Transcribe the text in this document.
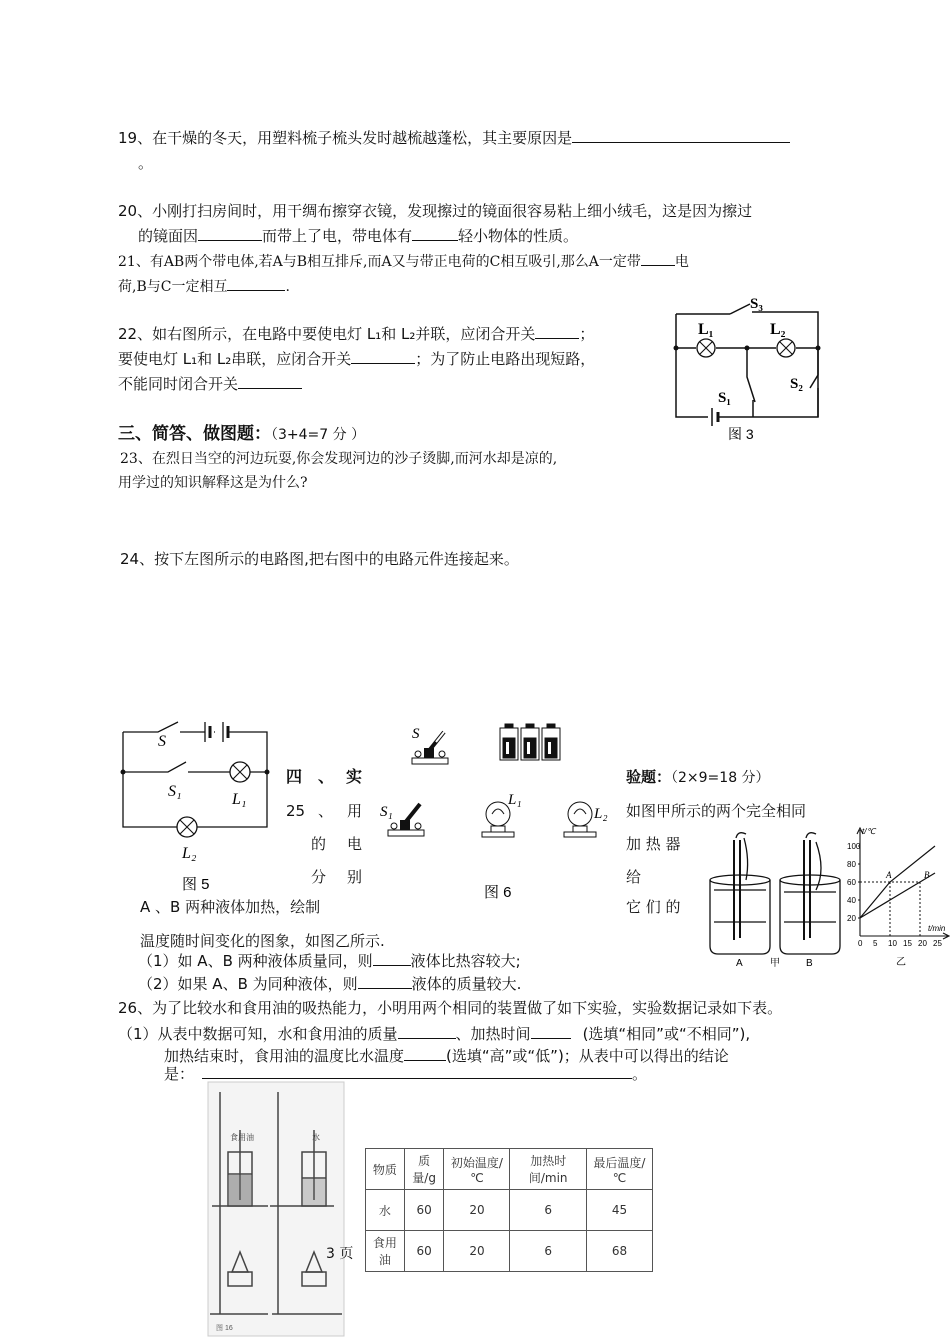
19、在干燥的冬天，用塑料梳子梳头发时越梳越蓬松，其主要原因是
。
20、小刚打扫房间时，用干绸布擦穿衣镜，发现擦过的镜面很容易粘上细小绒毛，这是因为擦过
的镜面因	而带上了电，带电体有	轻小物体的性质。
21、有AB两个带电体,若A与B相互排斥,而A又与带正电荷的C相互吸引,那么A一定带 电
荷,B与C一定相互	.
22、如右图所示，在电路中要使电灯 L₁和 L₂并联，应闭合开关	；
要使电灯 L₁和 L₂串联，应闭合开关	；为了防止电路出现短路，
不能同时闭合开关
S₃
L₁	L₂
S₁
S₂
图 3
三、简答、做图题：（3+4=7 分 ）
23、在烈日当空的河边玩耍,你会发现河边的沙子烫脚,而河水却是凉的,
用学过的知识解释这是为什么?
24、按下左图所示的电路图,把右图中的电路元件连接起来。
S
S₁	L₁
L₂
图 5
S
S₁
L₁
L₂
图 6
四 、 实	验题：（2×9=18 分）
25 、 用	如图甲所示的两个完全相同
的 电	加 热 器
分 别	给
A 、B 两种液体加热，绘制	它 们 的
温度随时间变化的图象，如图乙所示.
（1）如 A、B 两种液体质量同，则	液体比热容较大;
（2）如果 A、B 为同种液体，则	液体的质量较大.
A	甲	B
0 5 10 15 20 25
20
40
60
80
100
A	B
t/℃
t/min
乙
26、为了比较水和食用油的吸热能力，小明用两个相同的装置做了如下实验，实验数据记录如下表。
（1）从表中数据可知，水和食用油的质量	、加热时间	(选填“相同”或“不相同”),
加热结束时，食用油的温度比水温度	(选填“高”或“低”)；从表中可以得出的结论
是：	。
食用油	水
图 16
3 页
物质	质量/g	初始温度/℃	加热时间/min	最后温度/℃
水	60	20	6	45
食用油	60	20	6	68
